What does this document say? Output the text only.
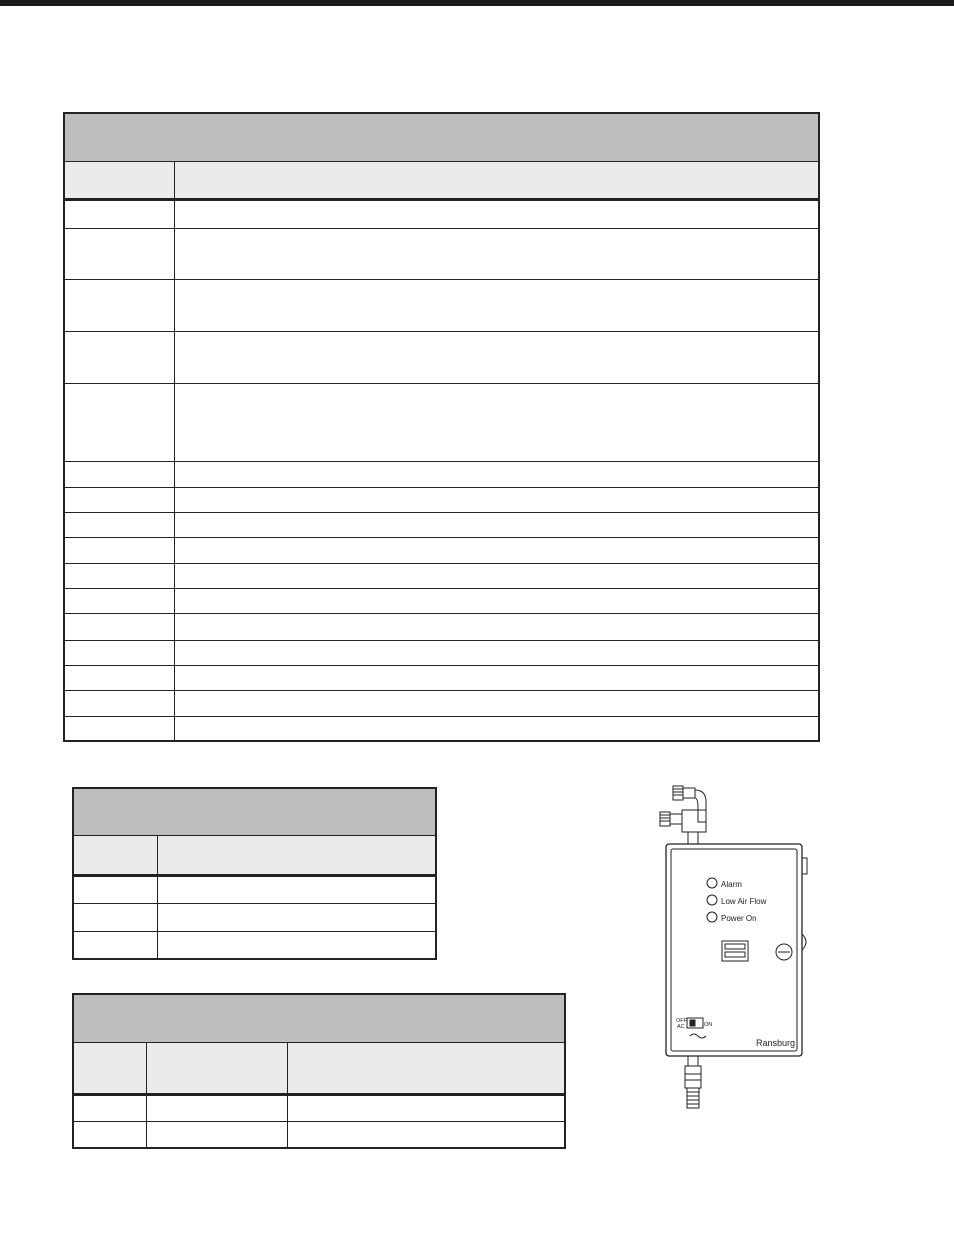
Alarm
Low Air Flow
Power On
OFF
AC	ON
Ransburg
